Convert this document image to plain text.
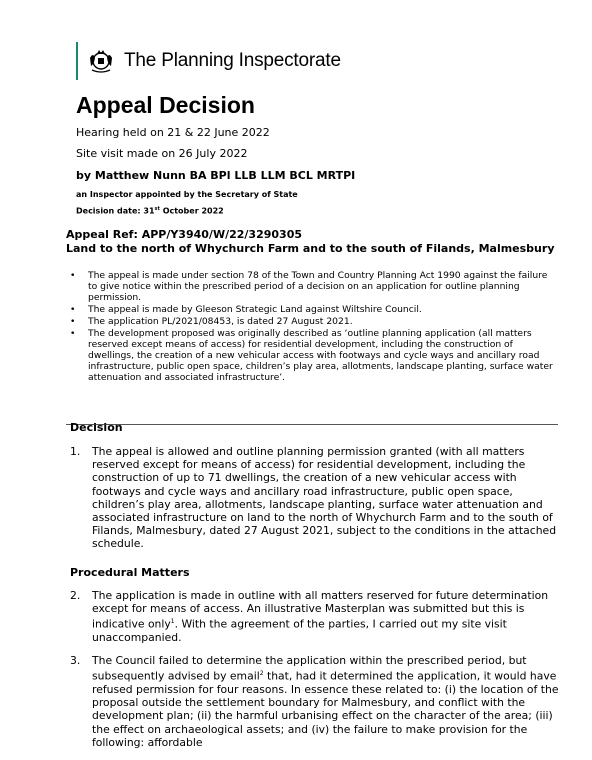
The Planning Inspectorate
Appeal Decision
Hearing held on 21 & 22 June 2022
Site visit made on 26 July 2022
by Matthew Nunn BA BPl LLB LLM BCL MRTPI
an Inspector appointed by the Secretary of State
Decision date: 31st October 2022
Appeal Ref: APP/Y3940/W/22/3290305
Land to the north of Whychurch Farm and to the south of Filands, Malmesbury
• The appeal is made under section 78 of the Town and Country Planning Act 1990 against the failure to give notice within the prescribed period of a decision on an application for outline planning permission.
• The appeal is made by Gleeson Strategic Land against Wiltshire Council.
• The application PL/2021/08453, is dated 27 August 2021.
• The development proposed was originally described as ‘outline planning application (all matters reserved except means of access) for residential development, including the construction of dwellings, the creation of a new vehicular access with footways and cycle ways and ancillary road infrastructure, public open space, children’s play area, allotments, landscape planting, surface water attenuation and associated infrastructure’.
Decision
1. The appeal is allowed and outline planning permission granted (with all matters reserved except for means of access) for residential development, including the construction of up to 71 dwellings, the creation of a new vehicular access with footways and cycle ways and ancillary road infrastructure, public open space, children’s play area, allotments, landscape planting, surface water attenuation and associated infrastructure on land to the north of Whychurch Farm and to the south of Filands, Malmesbury, dated 27 August 2021, subject to the conditions in the attached schedule.
Procedural Matters
2. The application is made in outline with all matters reserved for future determination except for means of access. An illustrative Masterplan was submitted but this is indicative only$^1$. With the agreement of the parties, I carried out my site visit unaccompanied.
3. The Council failed to determine the application within the prescribed period, but subsequently advised by email$^2$ that, had it determined the application, it would have refused permission for four reasons. In essence these related to: (i) the location of the proposal outside the settlement boundary for Malmesbury, and conflict with the development plan; (ii) the harmful urbanising effect on the character of the area; (iii) the effect on archaeological assets; and (iv) the failure to make provision for the following: affordable
